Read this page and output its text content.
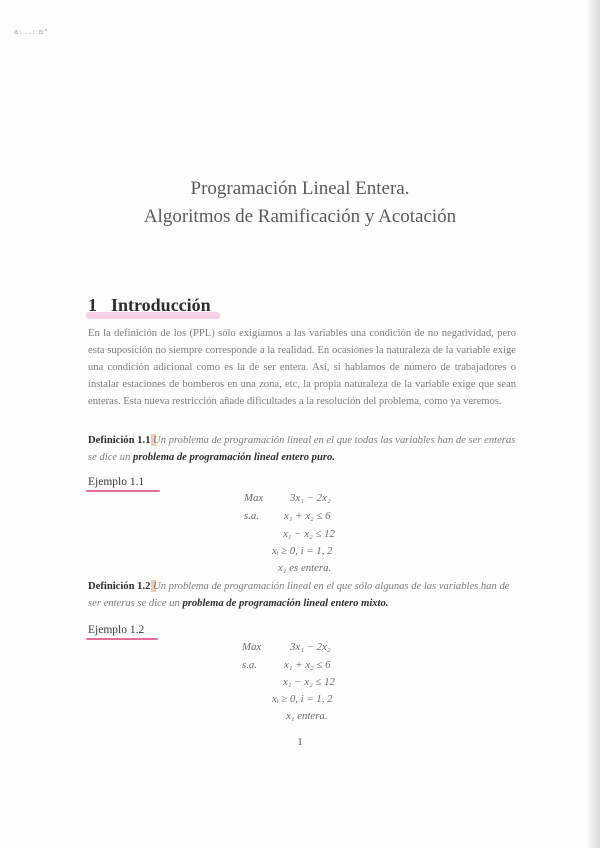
a: ..: n°
Programación Lineal Entera.
Algoritmos de Ramificación y Acotación
1 Introducción
En la definición de los (PPL) sólo exigíamos a las variables una condición de no negatividad, pero esta suposición no siempre corresponde a la realidad. En ocasiones la naturaleza de la variable exige una condición adicional como es la de ser entera. Así, si hablamos de número de trabajadores o instalar estaciones de bomberos en una zona, etc, la propia naturaleza de la variable exige que sean enteras. Esta nueva restricción añade dificultades a la resolución del problema, como ya veremos.
Definición 1.1 Un problema de programación lineal en el que todas las variables han de ser enteras se dice un problema de programación lineal entero puro.
Ejemplo 1.1
Max 3x₁ − 2x₂
s.a. x₁ + x₂ ≤ 6
x₁ − x₂ ≤ 12
xᵢ ≥ 0, i = 1, 2
x₁ es entera.
Definición 1.2 Un problema de programación lineal en el que sólo algunas de las variables han de ser enteras se dice un problema de programación lineal entero mixto.
Ejemplo 1.2
Max	3x₁ − 2x₂
s.a.	x₁ + x₂ ≤ 6
x₁ − x₂ ≤ 12
xᵢ ≥ 0, i = 1, 2
x₁ entera.
1
